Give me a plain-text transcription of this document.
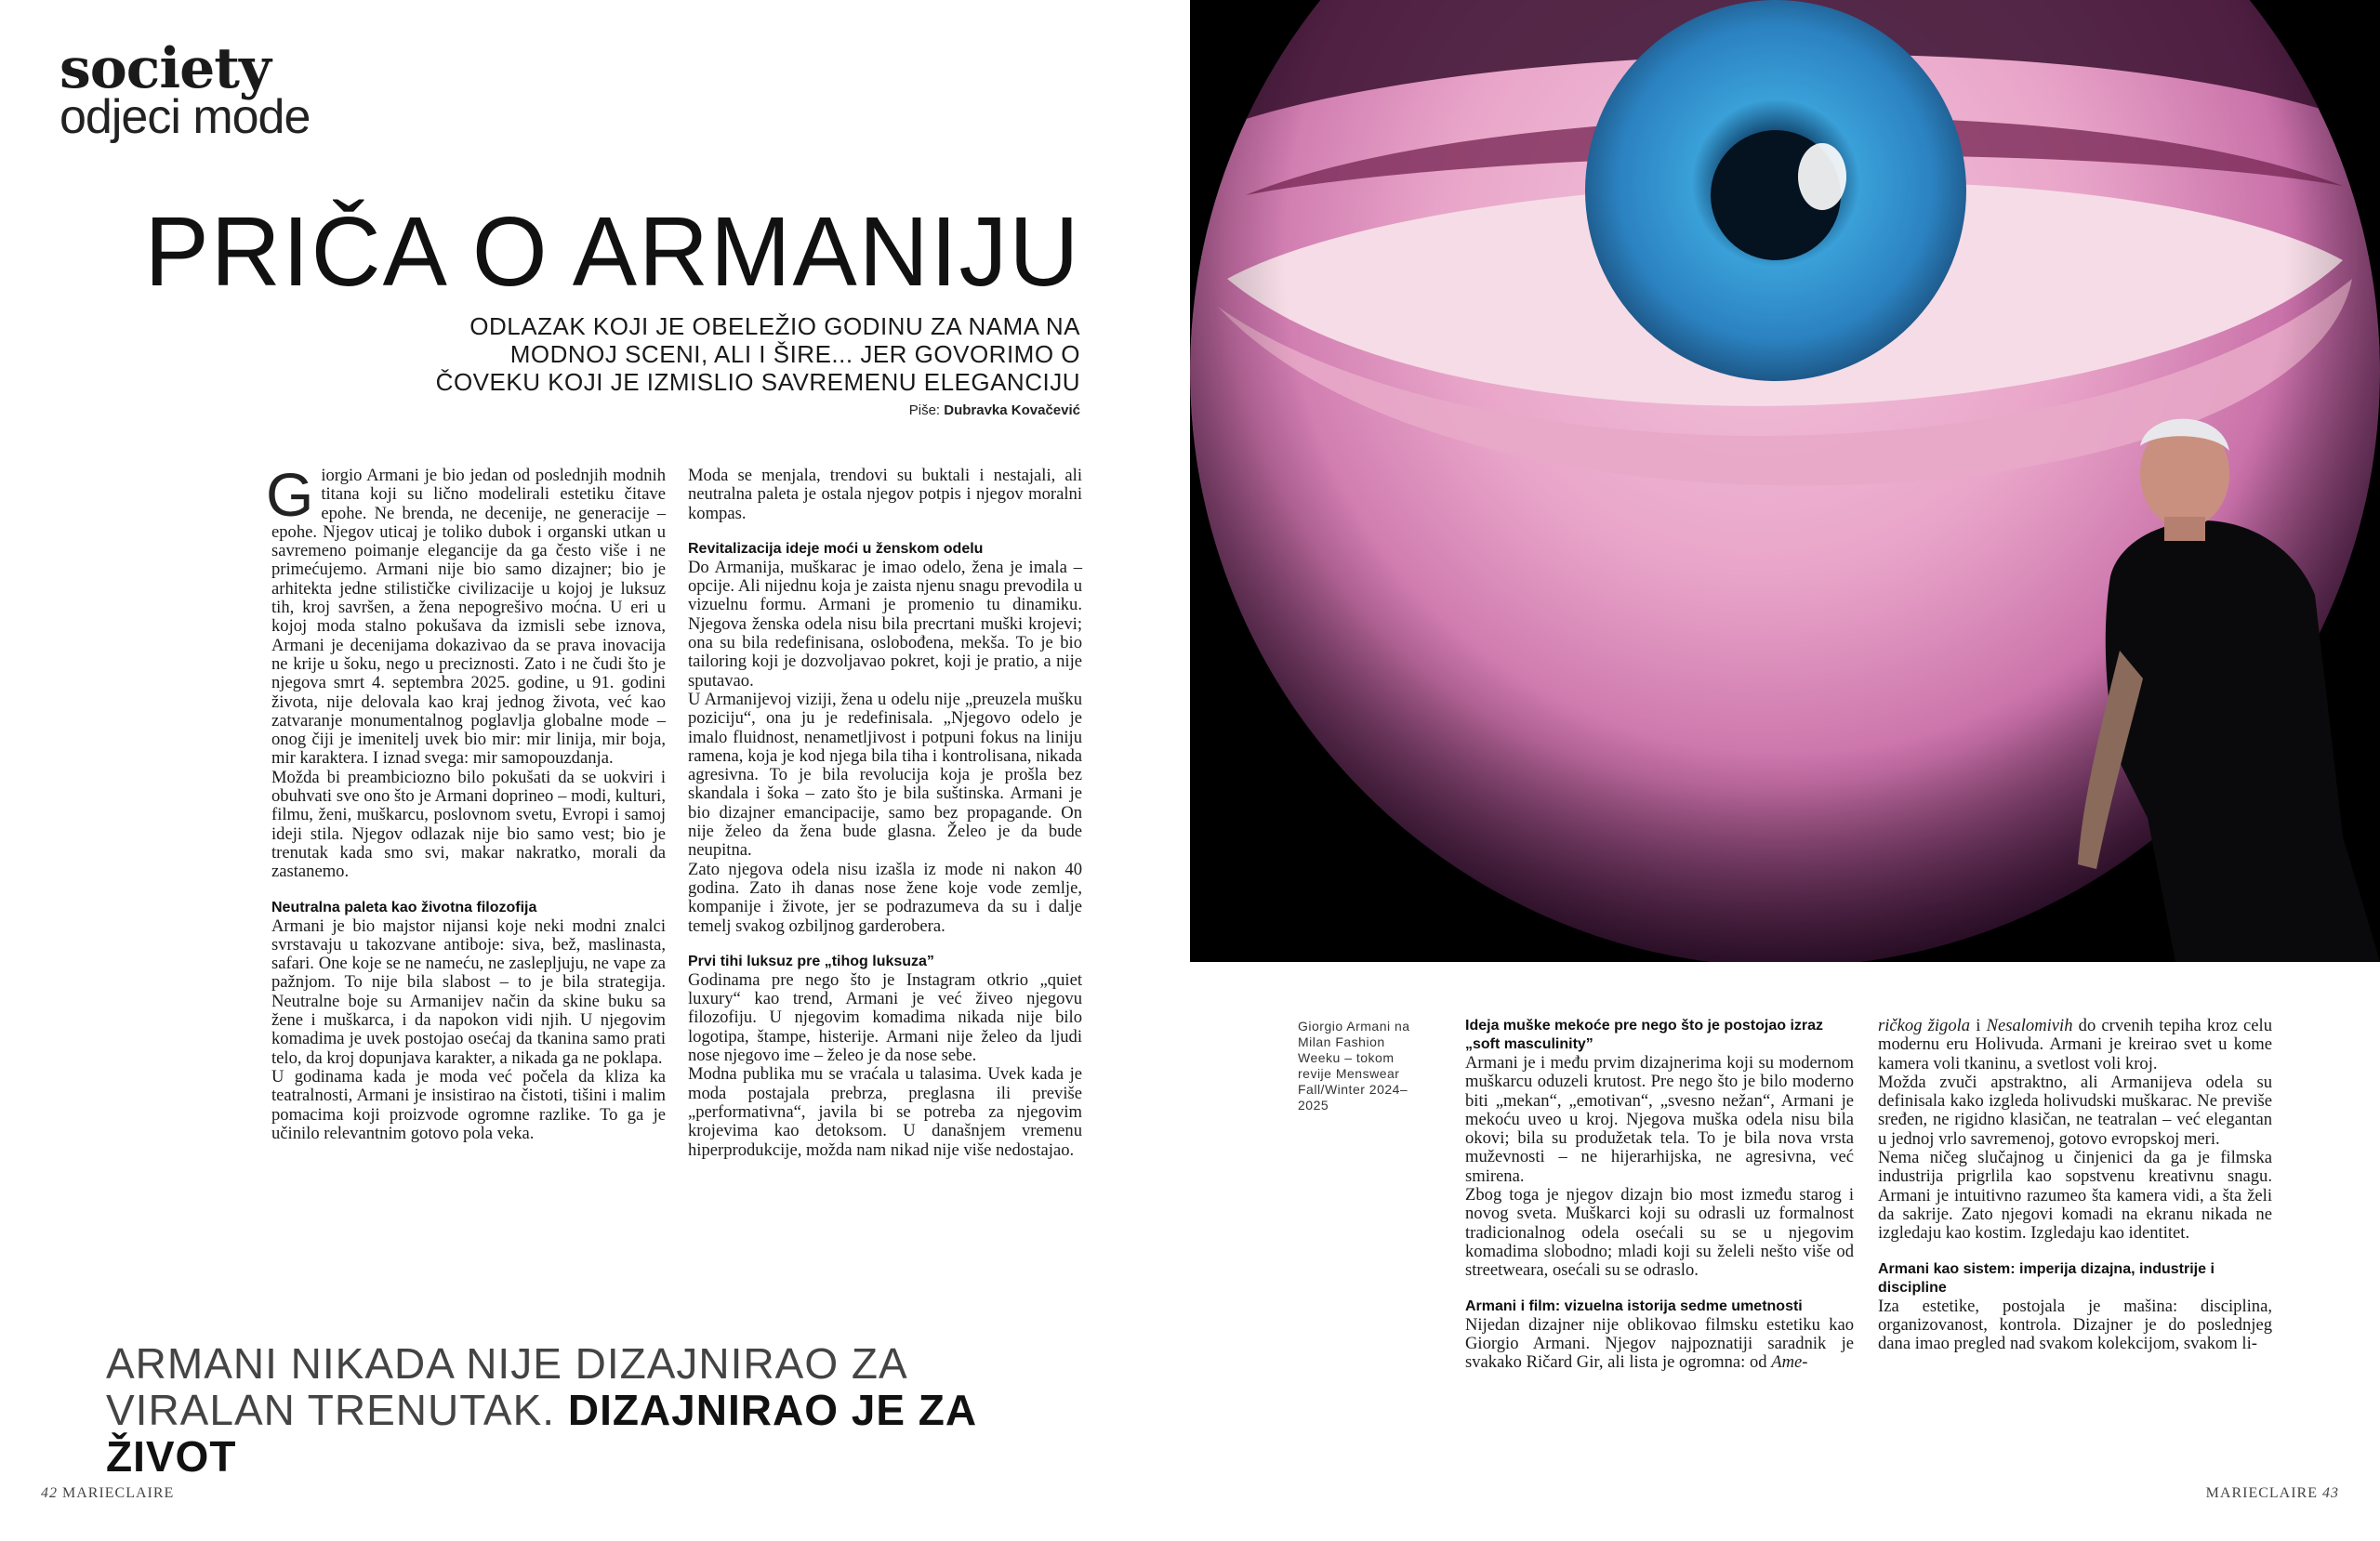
society
odjeci mode
PRIČA O ARMANIJU
ODLAZAK KOJI JE OBELEŽIO GODINU ZA NAMA NA
MODNOJ SCENI, ALI I ŠIRE... JER GOVORIMO O
ČOVEKU KOJI JE IZMISLIO SAVREMENU ELEGANCIJU
Piše: Dubravka Kovačević

Giorgio Armani je bio jedan od poslednjih modnih titana koji su lično modelirali estetiku čitave epohe. Ne brenda, ne decenije, ne generacije – epohe. Njegov uticaj je toliko dubok i organski utkan u savremeno poimanje elegancije da ga često više i ne primećujemo. Armani nije bio samo dizajner; bio je arhitekta jedne stilističke civilizacije u kojoj je luksuz tih, kroj savršen, a žena nepogrešivo moćna. U eri u kojoj moda stalno pokušava da izmisli sebe iznova, Armani je decenijama dokazivao da se prava inovacija ne krije u šoku, nego u preciznosti. Zato i ne čudi što je njegova smrt 4. septembra 2025. godine, u 91. godini života, nije delovala kao kraj jednog života, već kao zatvaranje monumentalnog poglavlja globalne mode – onog čiji je imenitelj uvek bio mir: mir linija, mir boja, mir karaktera. I iznad svega: mir samopouzdanja.

Možda bi preambiciozno bilo pokušati da se uokviri i obuhvati sve ono što je Armani doprineo – modi, kulturi, filmu, ženi, muškarcu, poslovnom svetu, Evropi i samoj ideji stila. Njegov odlazak nije bio samo vest; bio je trenutak kada smo svi, makar nakratko, morali da zastanemo.

Neutralna paleta kao životna filozofija

Armani je bio majstor nijansi koje neki modni znalci svrstavaju u takozvane antiboje: siva, bež, maslinasta, safari. One koje se ne nameću, ne zaslepljuju, ne vape za pažnjom. To nije bila slabost – to je bila strategija. Neutralne boje su Armanijev način da skine buku sa žene i muškarca, i da napokon vidi njih. U njegovim komadima je uvek postojao osećaj da tkanina samo prati telo, da kroj dopunjava karakter, a nikada ga ne poklapa.

U godinama kada je moda već počela da kliza ka teatralnosti, Armani je insistirao na čistoti, tišini i malim pomacima koji proizvode ogromne razlike. To ga je učinilo relevantnim gotovo pola veka.

Moda se menjala, trendovi su buktali i nestajali, ali neutralna paleta je ostala njegov potpis i njegov moralni kompas.

Revitalizacija ideje moći u ženskom odelu

Do Armanija, muškarac je imao odelo, žena je imala – opcije. Ali nijednu koja je zaista njenu snagu prevodila u vizuelnu formu. Armani je promenio tu dinamiku. Njegova ženska odela nisu bila precrtani muški krojevi; ona su bila redefinisana, oslobođena, mekša. To je bio tailoring koji je dozvoljavao pokret, koji je pratio, a nije sputavao.

U Armanijevoj viziji, žena u odelu nije „preuzela mušku poziciju“, ona ju je redefinisala. „Njegovo odelo je imalo fluidnost, nenametljivost i potpuni fokus na liniju ramena, koja je kod njega bila tiha i kontrolisana, nikada agresivna. To je bila revolucija koja je prošla bez skandala i šoka – zato što je bila suštinska. Armani je bio dizajner emancipacije, samo bez propagande. On nije želeo da žena bude glasna. Želeo je da bude neupitna.

Zato njegova odela nisu izašla iz mode ni nakon 40 godina. Zato ih danas nose žene koje vode zemlje, kompanije i živote, jer se podrazumeva da su i dalje temelj svakog ozbiljnog garderobera.

Prvi tihi luksuz pre „tihog luksuza”

Godinama pre nego što je Instagram otkrio „quiet luxury“ kao trend, Armani je već živeo njegovu filozofiju. U njegovim komadima nikada nije bilo logotipa, štampe, histerije. Armani nije želeo da ljudi nose njegovo ime – želeo je da nose sebe.

Modna publika mu se vraćala u talasima. Uvek kada je moda postajala prebrza, preglasna ili previše „performativna“, javila bi se potreba za njegovim krojevima kao detoksom. U današnjem vremenu hiperprodukcije, možda nam nikad nije više nedostajao.

ARMANI NIKADA NIJE DIZAJNIRAO ZA VIRALAN TRENUTAK. DIZAJNIRAO JE ZA ŽIVOT
42 MARIECLAIRE
Giorgio Armani na Milan Fashion Weeku – tokom revije Menswear Fall/Winter 2024–2025
Ideja muške mekoće pre nego što je postojao izraz „soft masculinity”

Armani je i među prvim dizajnerima koji su modernom muškarcu oduzeli krutost. Pre nego što je bilo moderno biti „mekan“, „emotivan“, „svesno nežan“, Armani je mekoću uveo u kroj. Njegova muška odela nisu bila okovi; bila su produžetak tela. To je bila nova vrsta muževnosti – ne hijerarhijska, ne agresivna, već smirena.

Zbog toga je njegov dizajn bio most između starog i novog sveta. Muškarci koji su odrasli uz formalnost tradicionalnog odela osećali su se u njegovim komadima slobodno; mladi koji su želeli nešto više od streetweara, osećali su se odraslo.

Armani i film: vizuelna istorija sedme umetnosti

Nijedan dizajner nije oblikovao filmsku estetiku kao Giorgio Armani. Njegov najpoznatiji saradnik je svakako Ričard Gir, ali lista je ogromna: od Ame-

ričkog žigola i Nesalomivih do crvenih tepiha kroz celu modernu eru Holivuda. Armani je kreirao svet u kome kamera voli tkaninu, a svetlost voli kroj.

Možda zvuči apstraktno, ali Armanijeva odela su definisala kako izgleda holivudski muškarac. Ne previše sređen, ne rigidno klasičan, ne teatralan – već elegantan u jednoj vrlo savremenoj, gotovo evropskoj meri.

Nema ničeg slučajnog u činjenici da ga je filmska industrija prigrlila kao sopstvenu kreativnu snagu. Armani je intuitivno razumeo šta kamera vidi, a šta želi da sakrije. Zato njegovi komadi na ekranu nikada ne izgledaju kao kostim. Izgledaju kao identitet.

Armani kao sistem: imperija dizajna, industrije i discipline

Iza estetike, postojala je mašina: disciplina, organizovanost, kontrola. Dizajner je do poslednjeg dana imao pregled nad svakom kolekcijom, svakom li-

MARIECLAIRE 43
